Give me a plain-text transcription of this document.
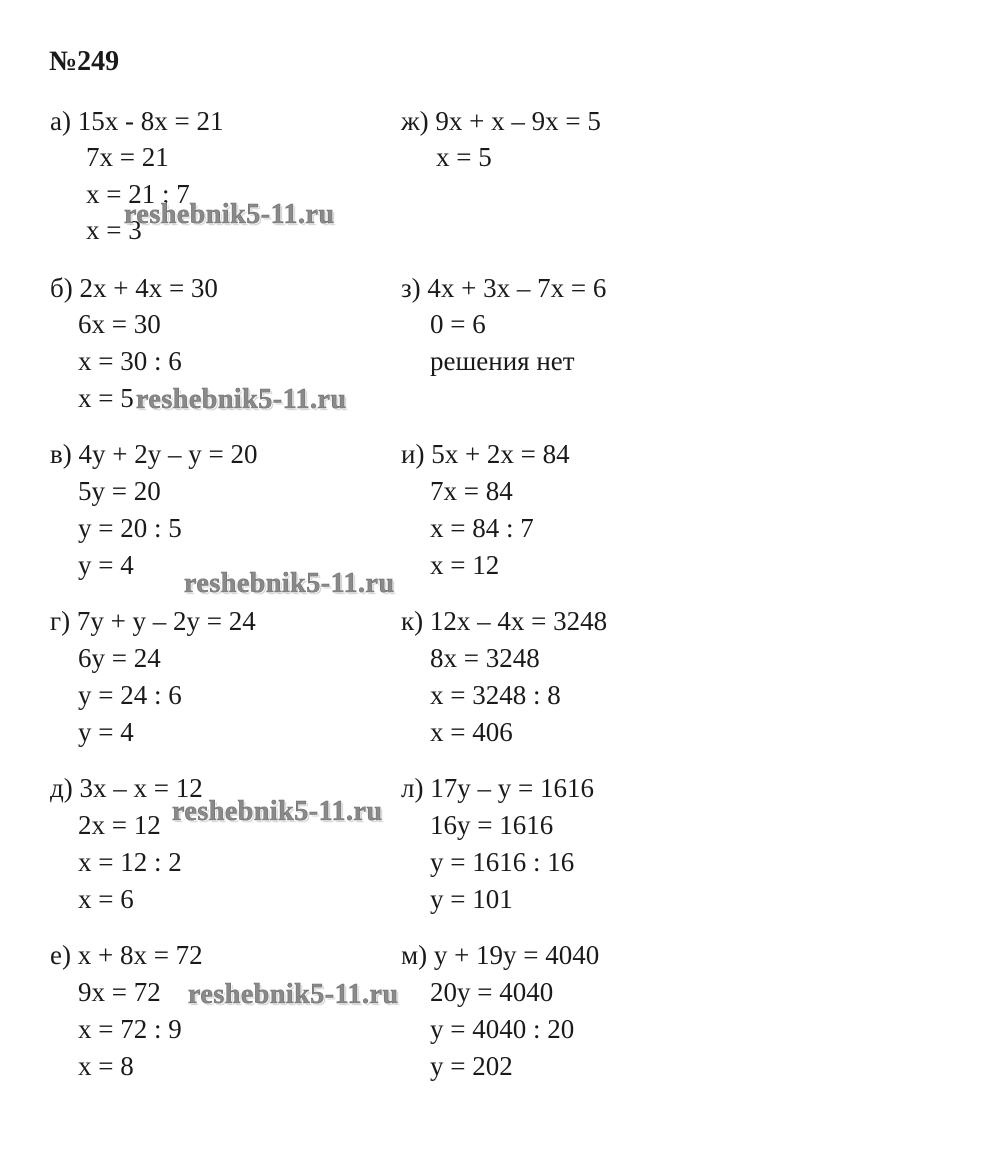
№249
а) 15x - 8x = 21
7x = 21
x = 21 : 7
x = 3
б) 2x + 4x = 30
6x = 30
x = 30 : 6
x = 5
в) 4y + 2y – y = 20
5y = 20
y = 20 : 5
y = 4
г) 7y + y – 2y = 24
6y = 24
y = 24 : 6
y = 4
д) 3x – x = 12
2x = 12
x = 12 : 2
x = 6
е) x + 8x = 72
9x = 72
x = 72 : 9
x = 8
ж) 9x + x – 9x = 5
x = 5
з) 4x + 3x – 7x = 6
0 = 6
решения нет
и) 5x + 2x = 84
7x = 84
x = 84 : 7
x = 12
к) 12x – 4x = 3248
8x = 3248
x = 3248 : 8
x = 406
л) 17y – y = 1616
16y = 1616
y = 1616 : 16
y = 101
м) y + 19y = 4040
20y = 4040
y = 4040 : 20
y = 202
reshebnik5-11.ru
reshebnik5-11.ru
reshebnik5-11.ru
reshebnik5-11.ru
reshebnik5-11.ru
